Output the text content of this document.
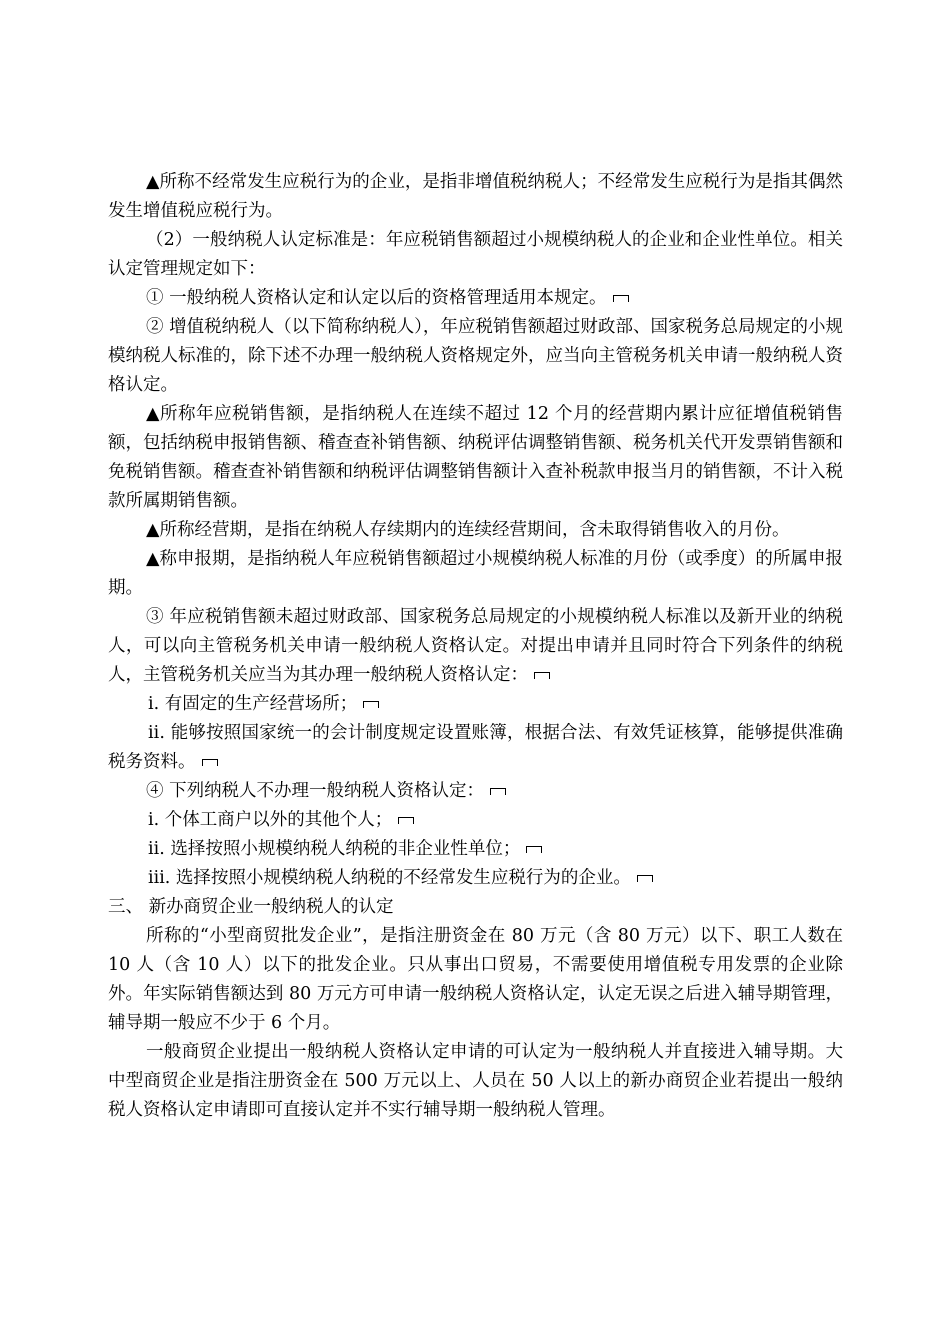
▲所称不经常发生应税行为的企业，是指非增值税纳税人；不经常发生应税行为是指其偶然发生增值税应税行为。

（2）一般纳税人认定标准是：年应税销售额超过小规模纳税人的企业和企业性单位。相关认定管理规定如下：

① 一般纳税人资格认定和认定以后的资格管理适用本规定。

② 增值税纳税人（以下简称纳税人），年应税销售额超过财政部、国家税务总局规定的小规模纳税人标准的，除下述不办理一般纳税人资格规定外，应当向主管税务机关申请一般纳税人资格认定。

▲所称年应税销售额，是指纳税人在连续不超过 12 个月的经营期内累计应征增值税销售额，包括纳税申报销售额、稽查查补销售额、纳税评估调整销售额、税务机关代开发票销售额和免税销售额。稽查查补销售额和纳税评估调整销售额计入查补税款申报当月的销售额，不计入税款所属期销售额。

▲所称经营期，是指在纳税人存续期内的连续经营期间，含未取得销售收入的月份。

▲称申报期，是指纳税人年应税销售额超过小规模纳税人标准的月份（或季度）的所属申报期。

③ 年应税销售额未超过财政部、国家税务总局规定的小规模纳税人标准以及新开业的纳税人，可以向主管税务机关申请一般纳税人资格认定。对提出申请并且同时符合下列条件的纳税人，主管税务机关应当为其办理一般纳税人资格认定：

ⅰ. 有固定的生产经营场所；

ⅱ. 能够按照国家统一的会计制度规定设置账簿，根据合法、有效凭证核算，能够提供准确税务资料。

④ 下列纳税人不办理一般纳税人资格认定：

ⅰ. 个体工商户以外的其他个人；

ⅱ. 选择按照小规模纳税人纳税的非企业性单位；

ⅲ. 选择按照小规模纳税人纳税的不经常发生应税行为的企业。

三、 新办商贸企业一般纳税人的认定

所称的“小型商贸批发企业”，是指注册资金在 80 万元（含 80 万元）以下、职工人数在 10 人（含 10 人）以下的批发企业。只从事出口贸易，不需要使用增值税专用发票的企业除外。年实际销售额达到 80 万元方可申请一般纳税人资格认定，认定无误之后进入辅导期管理，辅导期一般应不少于 6 个月。

一般商贸企业提出一般纳税人资格认定申请的可认定为一般纳税人并直接进入辅导期。大中型商贸企业是指注册资金在 500 万元以上、人员在 50 人以上的新办商贸企业若提出一般纳税人资格认定申请即可直接认定并不实行辅导期一般纳税人管理。
